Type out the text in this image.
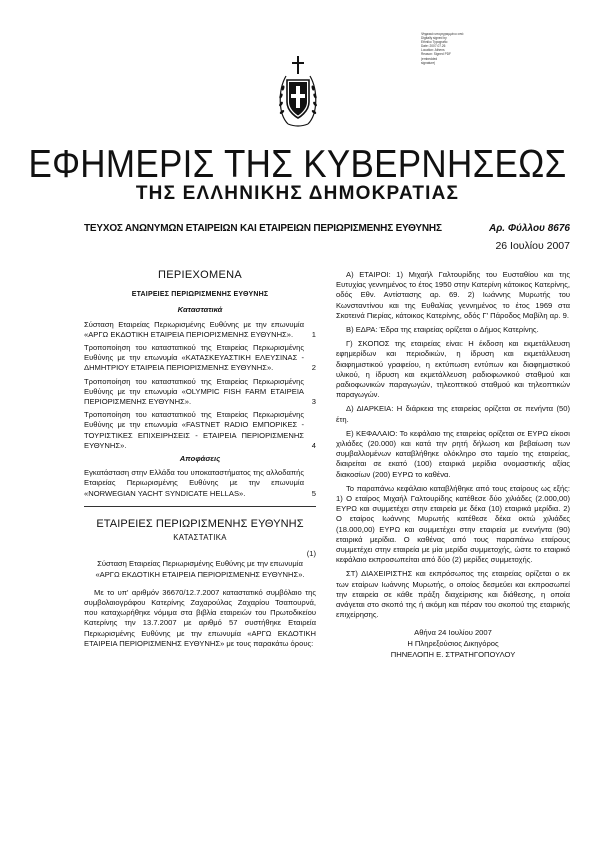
Ψηφιακά υπογεγραμμένο από
Digitally signed by
Ethniko Typografio
Date: 2007.07.26
Location: Athens
Reason: Signed PDF
(embedded
signature)
ΕΦΗΜΕΡΙΣ ΤΗΣ ΚΥΒΕΡΝΗΣΕΩΣ
ΤΗΣ ΕΛΛΗΝΙΚΗΣ ΔΗΜΟΚΡΑΤΙΑΣ
ΤΕΥΧΟΣ ΑΝΩΝΥΜΩΝ ΕΤΑΙΡΕΙΩΝ ΚΑΙ ΕΤΑΙΡΕΙΩΝ ΠΕΡΙΩΡΙΣΜΕΝΗΣ ΕΥΘΥΝΗΣ	Αρ. Φύλλου 8676
26 Ιουλίου 2007
ΠΕΡΙΕΧΟΜΕΝΑ
ΕΤΑΙΡΕΙΕΣ ΠΕΡΙΩΡΙΣΜΕΝΗΣ ΕΥΘΥΝΗΣ
Καταστατικά
Σύσταση Εταιρείας Περιωρισμένης Ευθύνης με την επωνυμία «ΑΡΓΩ ΕΚΔΟΤΙΚΗ ΕΤΑΙΡΕΙΑ ΠΕΡΙΟΡΙΣΜΕΝΗΣ ΕΥΘΥΝΗΣ». 1
Τροποποίηση του καταστατικού της Εταιρείας Περιωρισμένης Ευθύνης με την επωνυμία «ΚΑΤΑΣΚΕΥΑΣΤΙΚΗ ΕΛΕΥΣΙΝΑΣ - ΔΗΜΗΤΡΙΟΥ ΕΤΑΙΡΕΙΑ ΠΕΡΙΟΡΙΣΜΕΝΗΣ ΕΥΘΥΝΗΣ».	2
Τροποποίηση του καταστατικού της Εταιρείας Περιωρισμένης Ευθύνης με την επωνυμία «OLYMPIC FISH FARM ΕΤΑΙΡΕΙΑ ΠΕΡΙΟΡΙΣΜΕΝΗΣ ΕΥΘΥΝΗΣ».	3
Τροποποίηση του καταστατικού της Εταιρείας Περιωρισμένης Ευθύνης με την επωνυμία «FASTNET RADIO ΕΜΠΟΡΙΚΕΣ - ΤΟΥΡΙΣΤΙΚΕΣ ΕΠΙΧΕΙΡΗΣΕΙΣ - ΕΤΑΙΡΕΙΑ ΠΕΡΙΟΡΙΣΜΕΝΗΣ ΕΥΘΥΝΗΣ».	4
Αποφάσεις
Εγκατάσταση στην Ελλάδα του υποκαταστήματος της αλλοδαπής Εταιρείας Περιωρισμένης Ευθύνης με την επωνυμία «NORWEGIAN YACHT SYNDICATE HELLAS».	5
ΕΤΑΙΡΕΙΕΣ ΠΕΡΙΩΡΙΣΜΕΝΗΣ ΕΥΘΥΝΗΣ
ΚΑΤΑΣΤΑΤΙΚΑ
(1)
Σύσταση Εταιρείας Περιωρισμένης Ευθύνης με την επωνυμία «ΑΡΓΩ ΕΚΔΟΤΙΚΗ ΕΤΑΙΡΕΙΑ ΠΕΡΙΟΡΙΣΜΕΝΗΣ ΕΥΘΥΝΗΣ».

Με το υπ' αριθμόν 36670/12.7.2007 καταστατικό συμβόλαιο της συμβολαιογράφου Κατερίνης Ζαχαρούλας Ζαχαρίου Τσαπουρνά, που καταχωρήθηκε νόμιμα στα βιβλία εταιρειών του Πρωτοδικείου Κατερίνης την 13.7.2007 με αριθμό 57 συστήθηκε Εταιρεία Περιωρισμένης Ευθύνης με την επωνυμία «ΑΡΓΩ ΕΚΔΟΤΙΚΗ ΕΤΑΙΡΕΙΑ ΠΕΡΙΟΡΙΣΜΕΝΗΣ ΕΥΘΥΝΗΣ» με τους παρακάτω όρους:

Α) ΕΤΑΙΡΟΙ: 1) Μιχαήλ Γαλτουρίδης του Ευσταθίου και της Ευτυχίας γεννημένος το έτος 1950 στην Κατερίνη κάτοικος Κατερίνης, οδός Εθν. Αντίστασης αρ. 69. 2) Ιωάννης Μυρωτής του Κωνσταντίνου και της Ευθαλίας γεννημένος το έτος 1969 στα Σκοτεινά Πιερίας, κάτοικος Κατερίνης, οδός Γ' Πάροδος Μαβίλη αρ. 9.

Β) ΕΔΡΑ: Έδρα της εταιρείας ορίζεται ο Δήμος Κατερίνης.

Γ) ΣΚΟΠΟΣ της εταιρείας είναι: Η έκδοση και εκμετάλλευση εφημερίδων και περιοδικών, η ίδρυση και εκμετάλλευση διαφημιστικού γραφείου, η εκτύπωση εντύπων και διαφημιστικού υλικού, η ίδρυση και εκμετάλλευση ραδιοφωνικού σταθμού και ραδιοφωνικών παραγωγών, τηλεοπτικού σταθμού και τηλεοπτικών παραγωγών.

Δ) ΔΙΑΡΚΕΙΑ: Η διάρκεια της εταιρείας ορίζεται σε πενήντα (50) έτη.

Ε) ΚΕΦΑΛΑΙΟ: Το κεφάλαιο της εταιρείας ορίζεται σε ΕΥΡΩ είκοσι χιλιάδες (20.000) και κατά την ρητή δήλωση και βεβαίωση των συμβαλλομένων καταβλήθηκε ολόκληρο στο ταμείο της εταιρείας, διαιρείται σε εκατό (100) εταιρικά μερίδια ονομαστικής αξίας διακοσίων (200) ΕΥΡΩ το καθένα.

Το παραπάνω κεφάλαιο καταβλήθηκε από τους εταίρους ως εξής: 1) Ο εταίρος Μιχαήλ Γαλτουρίδης κατέθεσε δύο χιλιάδες (2.000,00) ΕΥΡΩ και συμμετέχει στην εταιρεία με δέκα (10) εταιρικά μερίδια. 2) Ο εταίρος Ιωάννης Μυρωτής κατέθεσε δέκα οκτώ χιλιάδες (18.000,00) ΕΥΡΩ και συμμετέχει στην εταιρεία με ενενήντα (90) εταιρικά μερίδια. Ο καθένας από τους παραπάνω εταίρους συμμετέχει στην εταιρεία με μία μερίδα συμμετοχής, ώστε το εταιρικό κεφάλαιο εκπροσωπείται από δύο (2) μερίδες συμμετοχής.

ΣΤ) ΔΙΑΧΕΙΡΙΣΤΗΣ και εκπρόσωπος της εταιρείας ορίζεται ο εκ των εταίρων Ιωάννης Μυρωτής, ο οποίος δεσμεύει και εκπροσωπεί την εταιρεία σε κάθε πράξη διαχείρισης και διάθεσης, η οποία ανάγεται στο σκοπό της ή ακόμη και πέραν του σκοπού της εταιρικής επιχείρησης.

Αθήνα 24 Ιουλίου 2007
Η Πληρεξούσιος Δικηγόρος
ΠΗΝΕΛΟΠΗ Ε. ΣΤΡΑΤΗΓΟΠΟΥΛΟΥ
